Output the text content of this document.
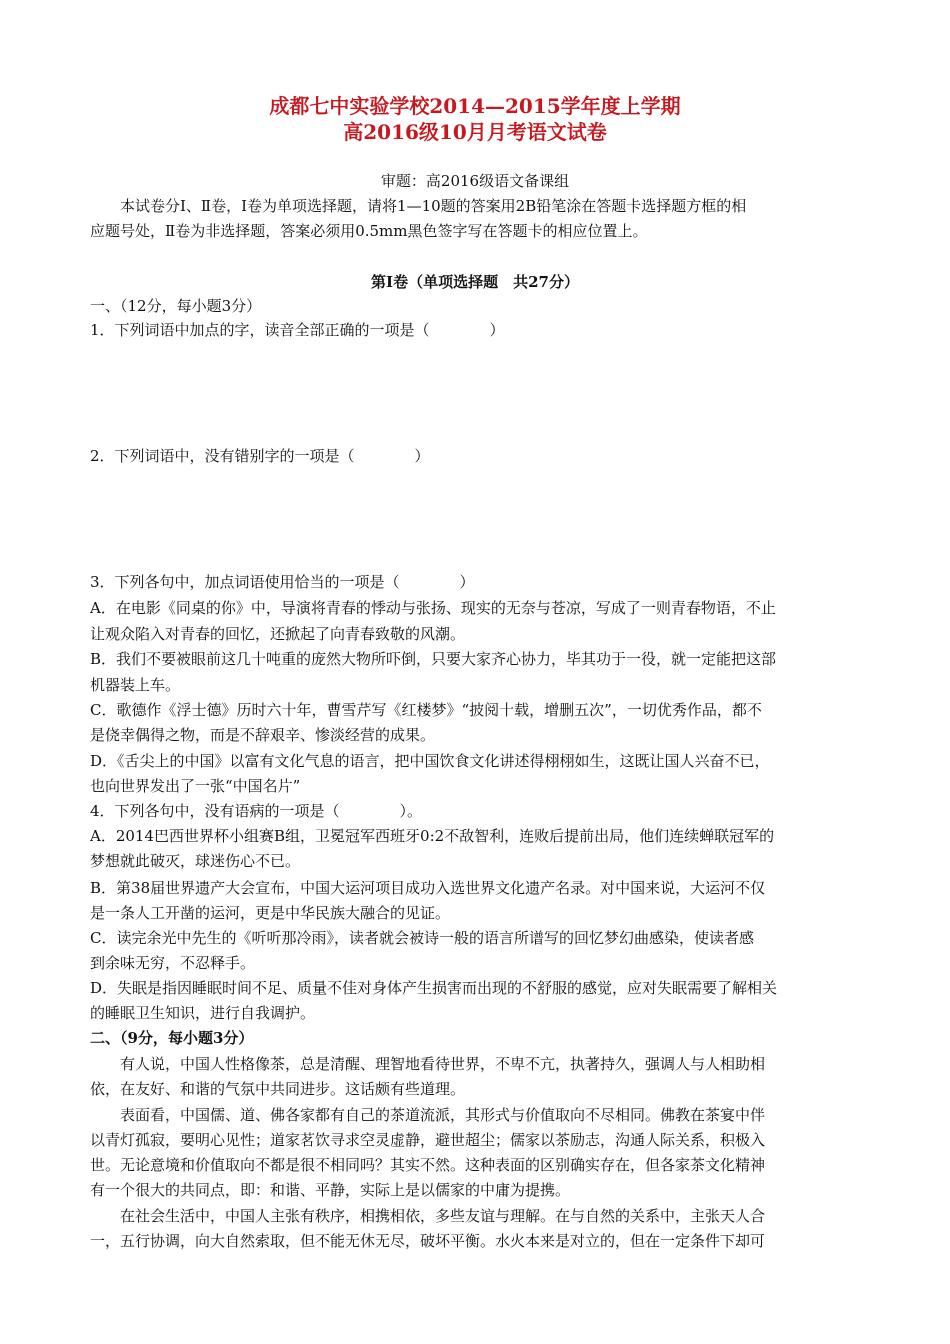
成都七中实验学校2014—2015学年度上学期
高2016级10月月考语文试卷
审题：高2016级语文备课组
本试卷分Ⅰ、Ⅱ卷，Ⅰ卷为单项选择题，请将1—10题的答案用2B铅笔涂在答题卡选择题方框的相
应题号处，Ⅱ卷为非选择题，答案必须用0.5mm黑色签字写在答题卡的相应位置上。
第Ⅰ卷（单项选择题　共27分）
一、（12分，每小题3分）
1．下列词语中加点的字，读音全部正确的一项是（　　　　）
2．下列词语中，没有错别字的一项是（　　　　）
3．下列各句中，加点词语使用恰当的一项是（　　　　）
A．在电影《同桌的你》中，导演将青春的悸动与张扬、现实的无奈与苍凉，写成了一则青春物语，不止
让观众陷入对青春的回忆，还掀起了向青春致敬的风潮。
B．我们不要被眼前这几十吨重的庞然大物所吓倒，只要大家齐心协力，毕其功于一役，就一定能把这部
机器装上车。
C．歌德作《浮士德》历时六十年，曹雪芹写《红楼梦》“披阅十载，增删五次”，一切优秀作品，都不
是侥幸偶得之物，而是不辞艰辛、惨淡经营的成果。
D．《舌尖上的中国》以富有文化气息的语言，把中国饮食文化讲述得栩栩如生，这既让国人兴奋不已，
也向世界发出了一张“中国名片”
4．下列各句中，没有语病的一项是（　　　　）。
A．2014巴西世界杯小组赛B组，卫冕冠军西班牙0:2不敌智利，连败后提前出局，他们连续蝉联冠军的
梦想就此破灭，球迷伤心不已。
B．第38届世界遗产大会宣布，中国大运河项目成功入选世界文化遗产名录。对中国来说，大运河不仅
是一条人工开凿的运河，更是中华民族大融合的见证。
C．读完余光中先生的《听听那冷雨》，读者就会被诗一般的语言所谱写的回忆梦幻曲感染，使读者感
到余味无穷，不忍释手。
D．失眠是指因睡眠时间不足、质量不佳对身体产生损害而出现的不舒服的感觉，应对失眠需要了解相关
的睡眠卫生知识，进行自我调护。
二、（9分，每小题3分）
有人说，中国人性格像茶，总是清醒、理智地看待世界，不卑不亢，执著持久，强调人与人相助相
依，在友好、和谐的气氛中共同进步。这话颇有些道理。
表面看，中国儒、道、佛各家都有自己的茶道流派，其形式与价值取向不尽相同。佛教在茶宴中伴
以青灯孤寂，要明心见性；道家茗饮寻求空灵虚静，避世超尘；儒家以茶励志，沟通人际关系，积极入
世。无论意境和价值取向不都是很不相同吗？其实不然。这种表面的区别确实存在，但各家茶文化精神
有一个很大的共同点，即：和谐、平静，实际上是以儒家的中庸为提携。
在社会生活中，中国人主张有秩序，相携相依，多些友谊与理解。在与自然的关系中，主张天人合
一，五行协调，向大自然索取，但不能无休无尽，破坏平衡。水火本来是对立的，但在一定条件下却可
